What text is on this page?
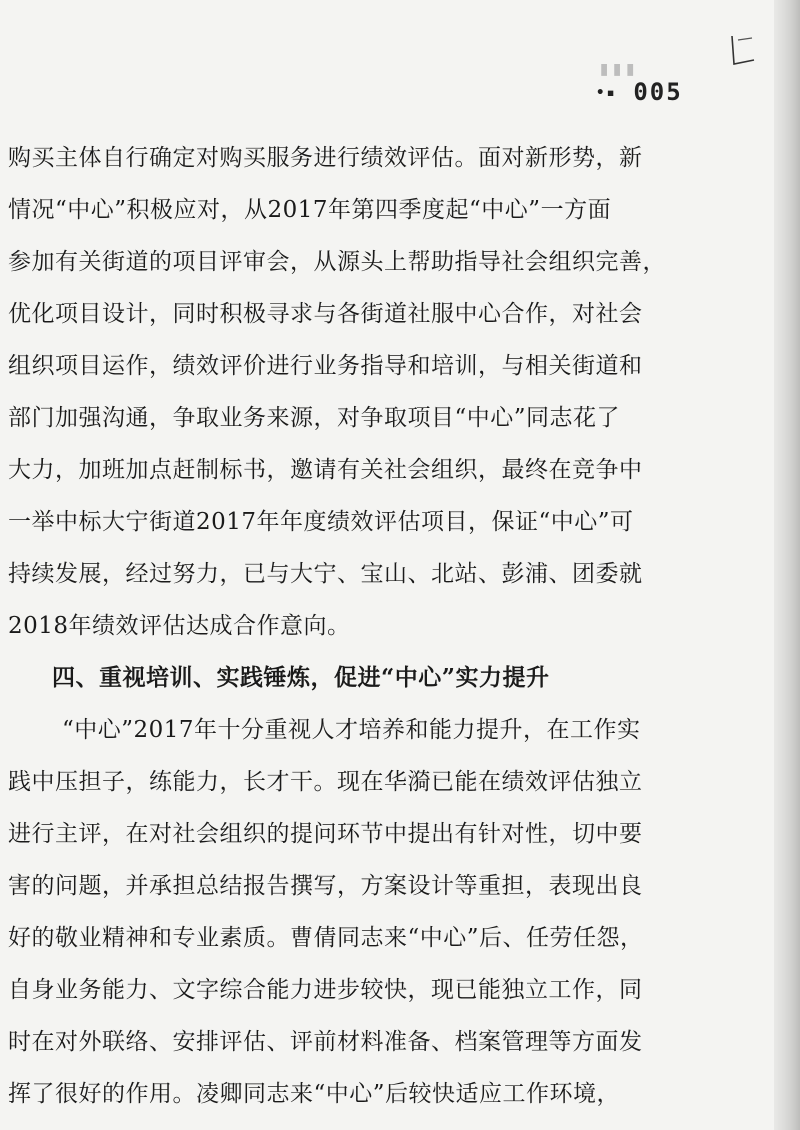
▮▮▮
•▪ 005
购买主体自行确定对购买服务进行绩效评估。面对新形势，新
情况“中心”积极应对，从2017年第四季度起“中心”一方面
参加有关街道的项目评审会，从源头上帮助指导社会组织完善，
优化项目设计，同时积极寻求与各街道社服中心合作，对社会
组织项目运作，绩效评价进行业务指导和培训，与相关街道和
部门加强沟通，争取业务来源，对争取项目“中心”同志花了
大力，加班加点赶制标书，邀请有关社会组织，最终在竞争中
一举中标大宁街道2017年年度绩效评估项目，保证“中心”可
持续发展，经过努力，已与大宁、宝山、北站、彭浦、团委就
2018年绩效评估达成合作意向。
四、重视培训、实践锤炼，促进“中心”实力提升
“中心”2017年十分重视人才培养和能力提升，在工作实
践中压担子，练能力，长才干。现在华漪已能在绩效评估独立
进行主评，在对社会组织的提问环节中提出有针对性，切中要
害的问题，并承担总结报告撰写，方案设计等重担，表现出良
好的敬业精神和专业素质。曹倩同志来“中心”后、任劳任怨，
自身业务能力、文字综合能力进步较快，现已能独立工作，同
时在对外联络、安排评估、评前材料准备、档案管理等方面发
挥了很好的作用。凌卿同志来“中心”后较快适应工作环境，
